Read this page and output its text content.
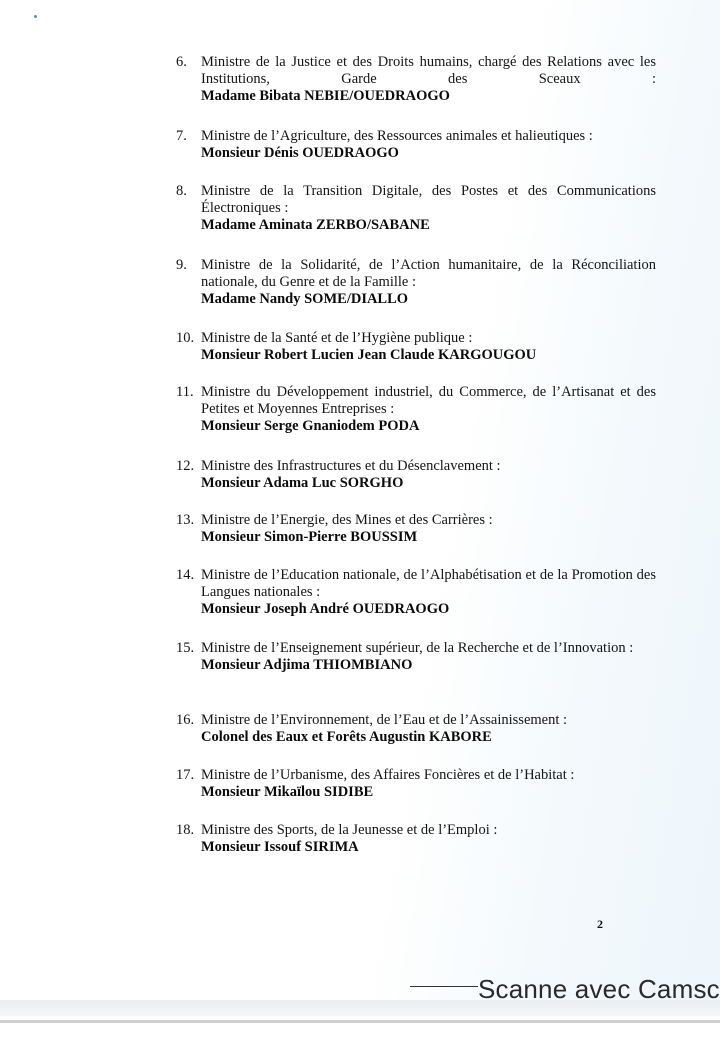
6. Ministre de la Justice et des Droits humains, chargé des Relations avec les Institutions, Garde des Sceaux :
Madame Bibata NEBIE/OUEDRAOGO
7. Ministre de l’Agriculture, des Ressources animales et halieutiques :
Monsieur Dénis OUEDRAOGO
8. Ministre de la Transition Digitale, des Postes et des Communications Électroniques :
Madame Aminata ZERBO/SABANE
9. Ministre de la Solidarité, de l’Action humanitaire, de la Réconciliation nationale, du Genre et de la Famille :
Madame Nandy SOME/DIALLO
10. Ministre de la Santé et de l’Hygiène publique :
Monsieur Robert Lucien Jean Claude KARGOUGOU
11. Ministre du Développement industriel, du Commerce, de l’Artisanat et des Petites et Moyennes Entreprises :
Monsieur Serge Gnaniodem PODA
12. Ministre des Infrastructures et du Désenclavement :
Monsieur Adama Luc SORGHO
13. Ministre de l’Energie, des Mines et des Carrières :
Monsieur Simon-Pierre BOUSSIM
14. Ministre de l’Education nationale, de l’Alphabétisation et de la Promotion des Langues nationales :
Monsieur Joseph André OUEDRAOGO
15. Ministre de l’Enseignement supérieur, de la Recherche et de l’Innovation :
Monsieur Adjima THIOMBIANO
16. Ministre de l’Environnement, de l’Eau et de l’Assainissement :
Colonel des Eaux et Forêts Augustin KABORE
17. Ministre de l’Urbanisme, des Affaires Foncières et de l’Habitat :
Monsieur Mikaïlou SIDIBE
18. Ministre des Sports, de la Jeunesse et de l’Emploi :
Monsieur Issouf SIRIMA
2
Scanne avec Camsc
